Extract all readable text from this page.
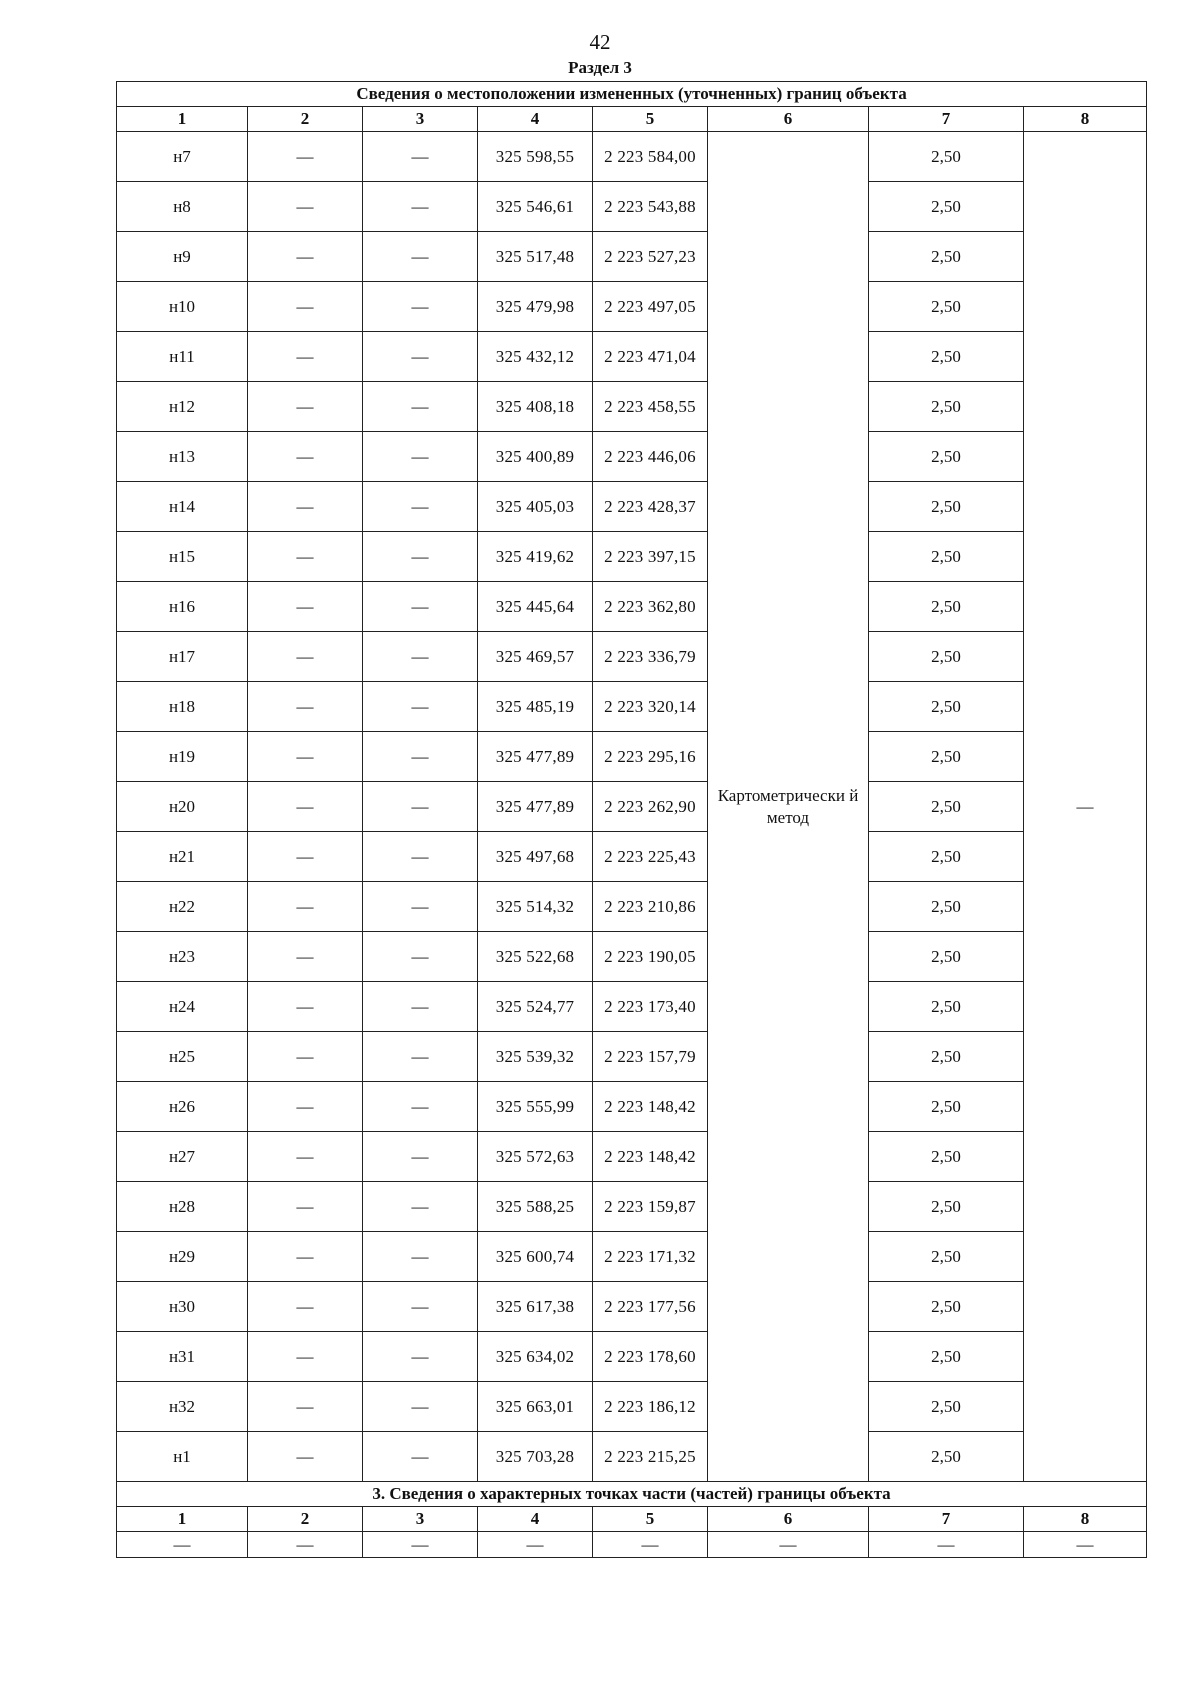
42
Раздел 3
Сведения о местоположении измененных (уточненных) границ объекта							
1	2	3	4	5	6	7	8
н7	—	—	325 598,55	2 223 584,00	Картометрически й метод	2,50	—
н8	—	—	325 546,61	2 223 543,88		2,50	
н9	—	—	325 517,48	2 223 527,23		2,50	
н10	—	—	325 479,98	2 223 497,05		2,50	
н11	—	—	325 432,12	2 223 471,04		2,50	
н12	—	—	325 408,18	2 223 458,55		2,50	
н13	—	—	325 400,89	2 223 446,06		2,50	
н14	—	—	325 405,03	2 223 428,37		2,50	
н15	—	—	325 419,62	2 223 397,15		2,50	
н16	—	—	325 445,64	2 223 362,80		2,50	
н17	—	—	325 469,57	2 223 336,79		2,50	
н18	—	—	325 485,19	2 223 320,14		2,50	
н19	—	—	325 477,89	2 223 295,16		2,50	
н20	—	—	325 477,89	2 223 262,90		2,50	
н21	—	—	325 497,68	2 223 225,43		2,50	
н22	—	—	325 514,32	2 223 210,86		2,50	
н23	—	—	325 522,68	2 223 190,05		2,50	
н24	—	—	325 524,77	2 223 173,40		2,50	
н25	—	—	325 539,32	2 223 157,79		2,50	
н26	—	—	325 555,99	2 223 148,42		2,50	
н27	—	—	325 572,63	2 223 148,42		2,50	
н28	—	—	325 588,25	2 223 159,87		2,50	
н29	—	—	325 600,74	2 223 171,32		2,50	
н30	—	—	325 617,38	2 223 177,56		2,50	
н31	—	—	325 634,02	2 223 178,60		2,50	
н32	—	—	325 663,01	2 223 186,12		2,50	
н1	—	—	325 703,28	2 223 215,25		2,50	
3. Сведения о характерных точках части (частей) границы объекта							
1	2	3	4	5	6	7	8
—	—	—	—	—	—	—	—
